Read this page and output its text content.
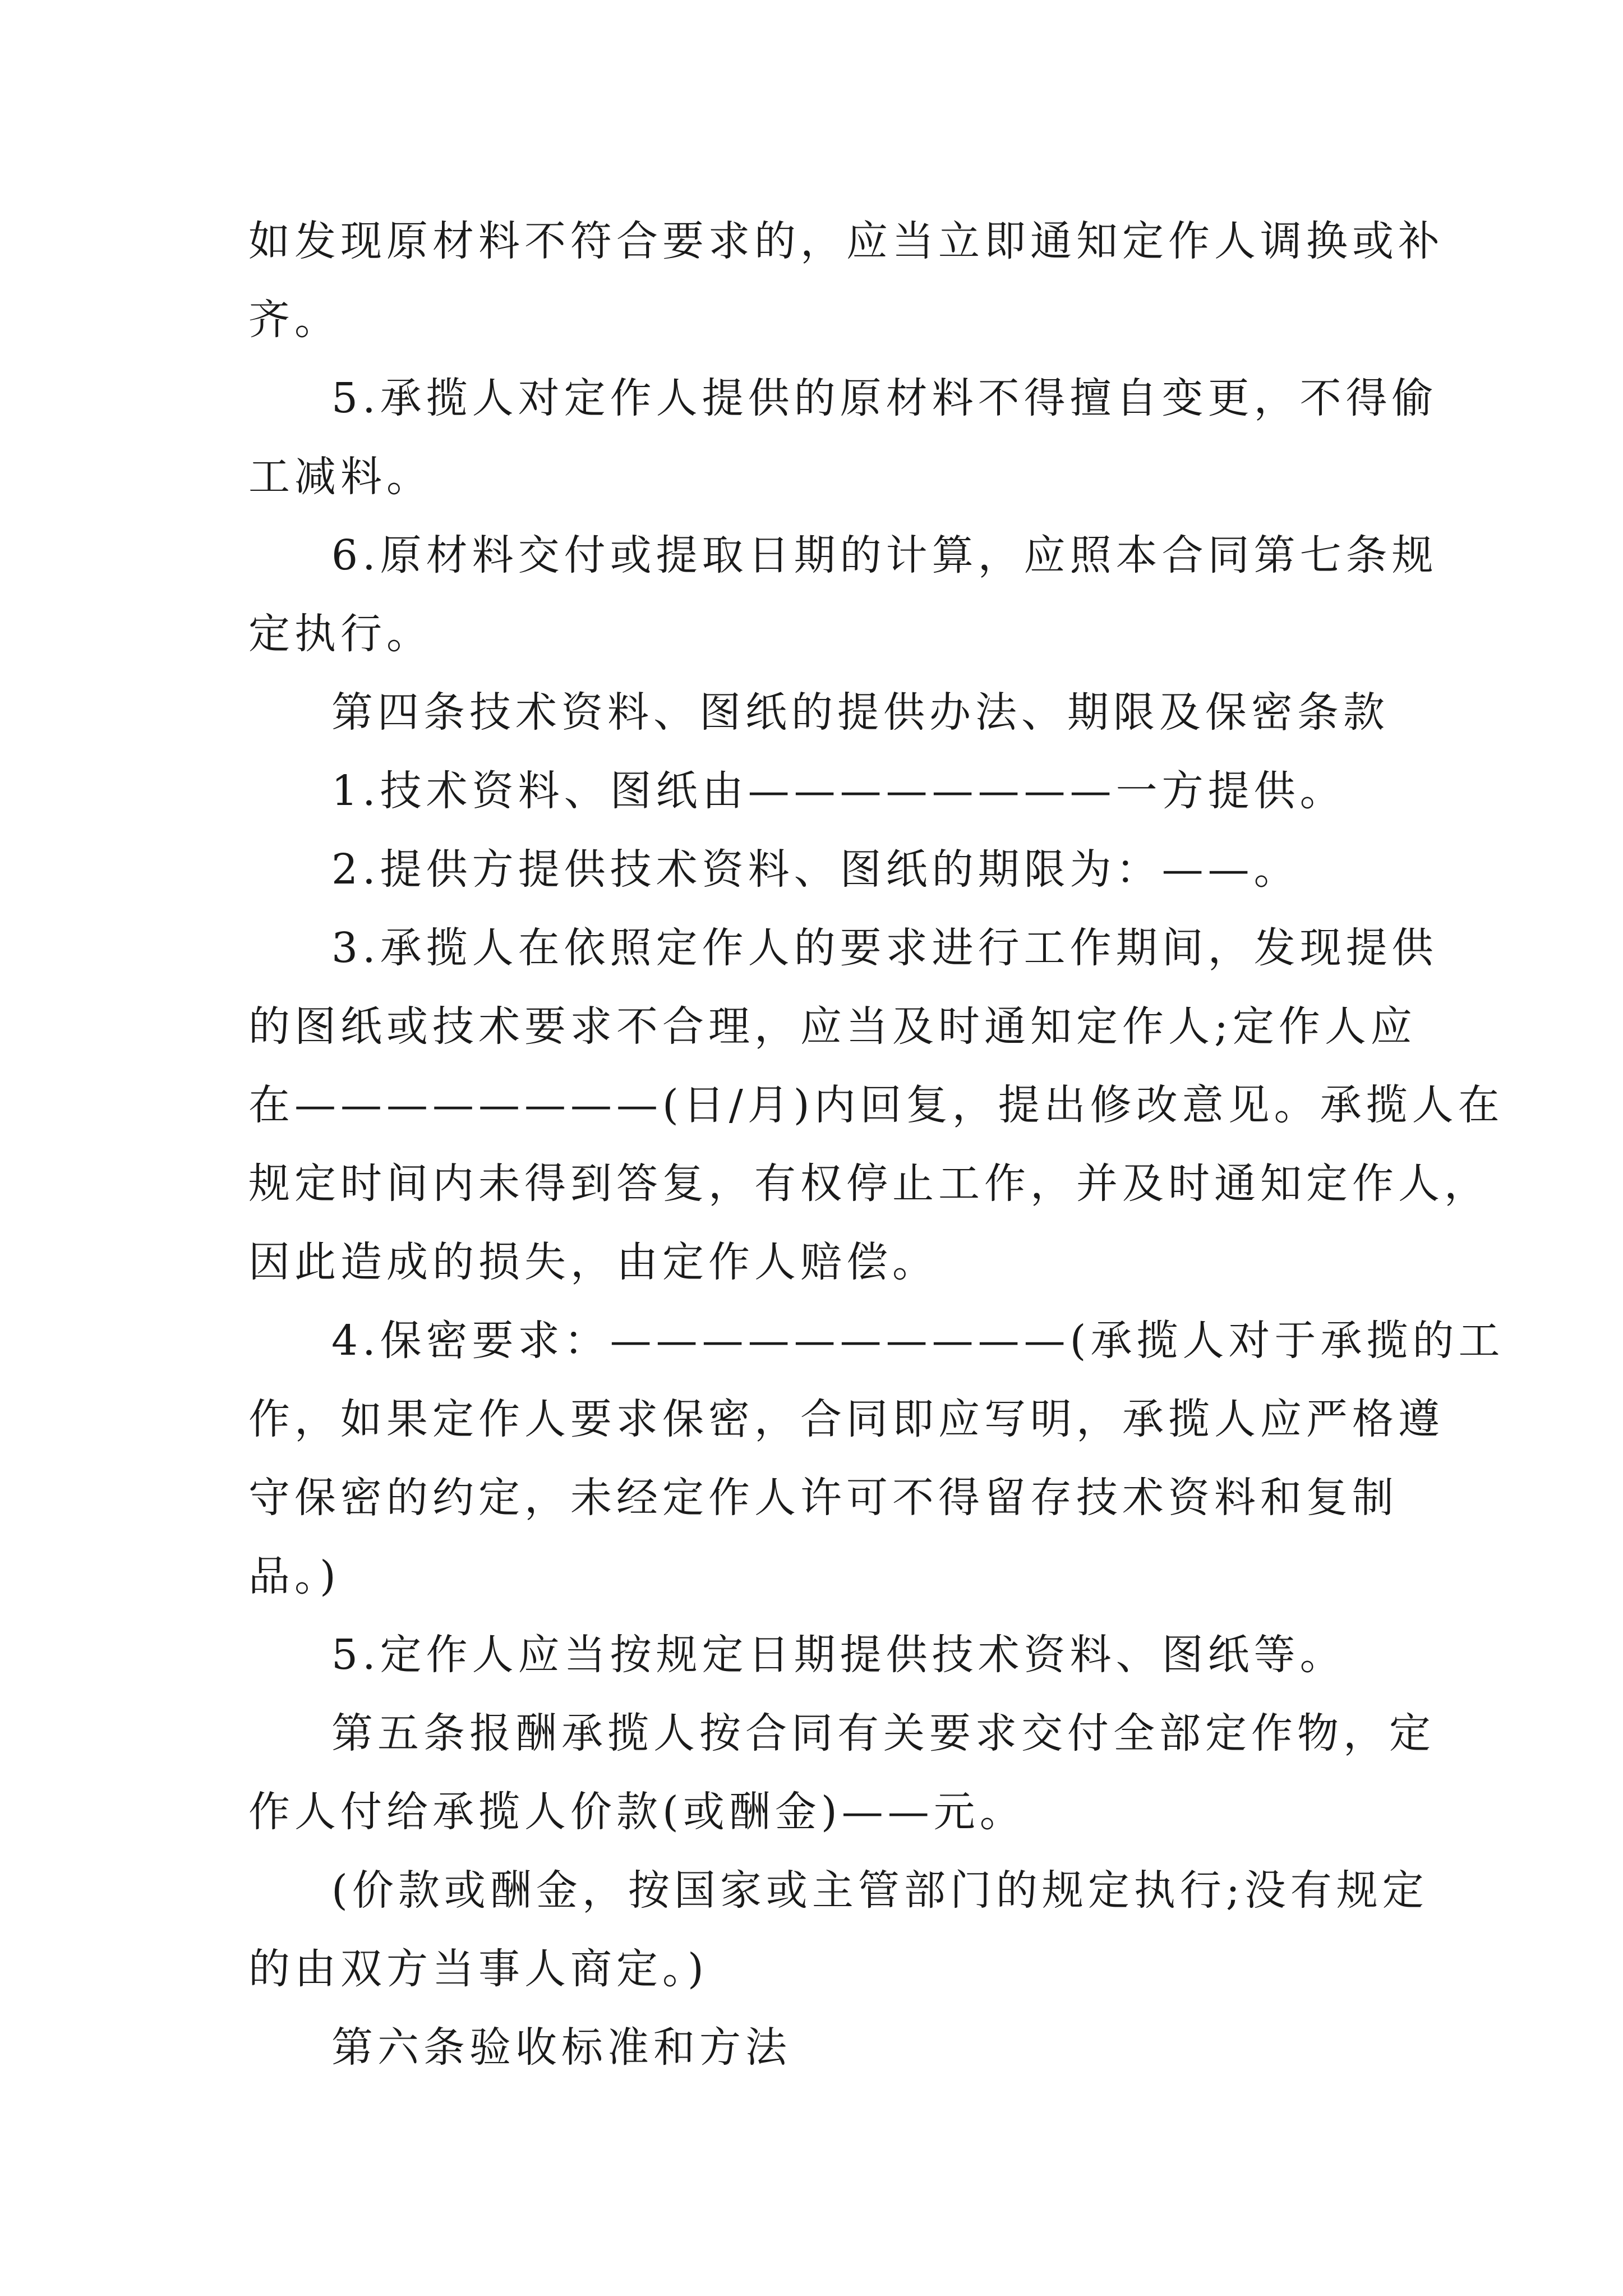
如发现原材料不符合要求的，应当立即通知定作人调换或补
齐。
5.承揽人对定作人提供的原材料不得擅自变更，不得偷
工减料。
6.原材料交付或提取日期的计算，应照本合同第七条规
定执行。
第四条技术资料、图纸的提供办法、期限及保密条款
1.技术资料、图纸由————————一方提供。
2.提供方提供技术资料、图纸的期限为：——。
3.承揽人在依照定作人的要求进行工作期间，发现提供
的图纸或技术要求不合理，应当及时通知定作人;定作人应
在————————(日/月)内回复，提出修改意见。承揽人在
规定时间内未得到答复，有权停止工作，并及时通知定作人，
因此造成的损失，由定作人赔偿。
4.保密要求：——————————(承揽人对于承揽的工
作，如果定作人要求保密，合同即应写明，承揽人应严格遵
守保密的约定，未经定作人许可不得留存技术资料和复制
品。)
5.定作人应当按规定日期提供技术资料、图纸等。
第五条报酬承揽人按合同有关要求交付全部定作物，定
作人付给承揽人价款(或酬金)——元。
(价款或酬金，按国家或主管部门的规定执行;没有规定
的由双方当事人商定。)
第六条验收标准和方法
